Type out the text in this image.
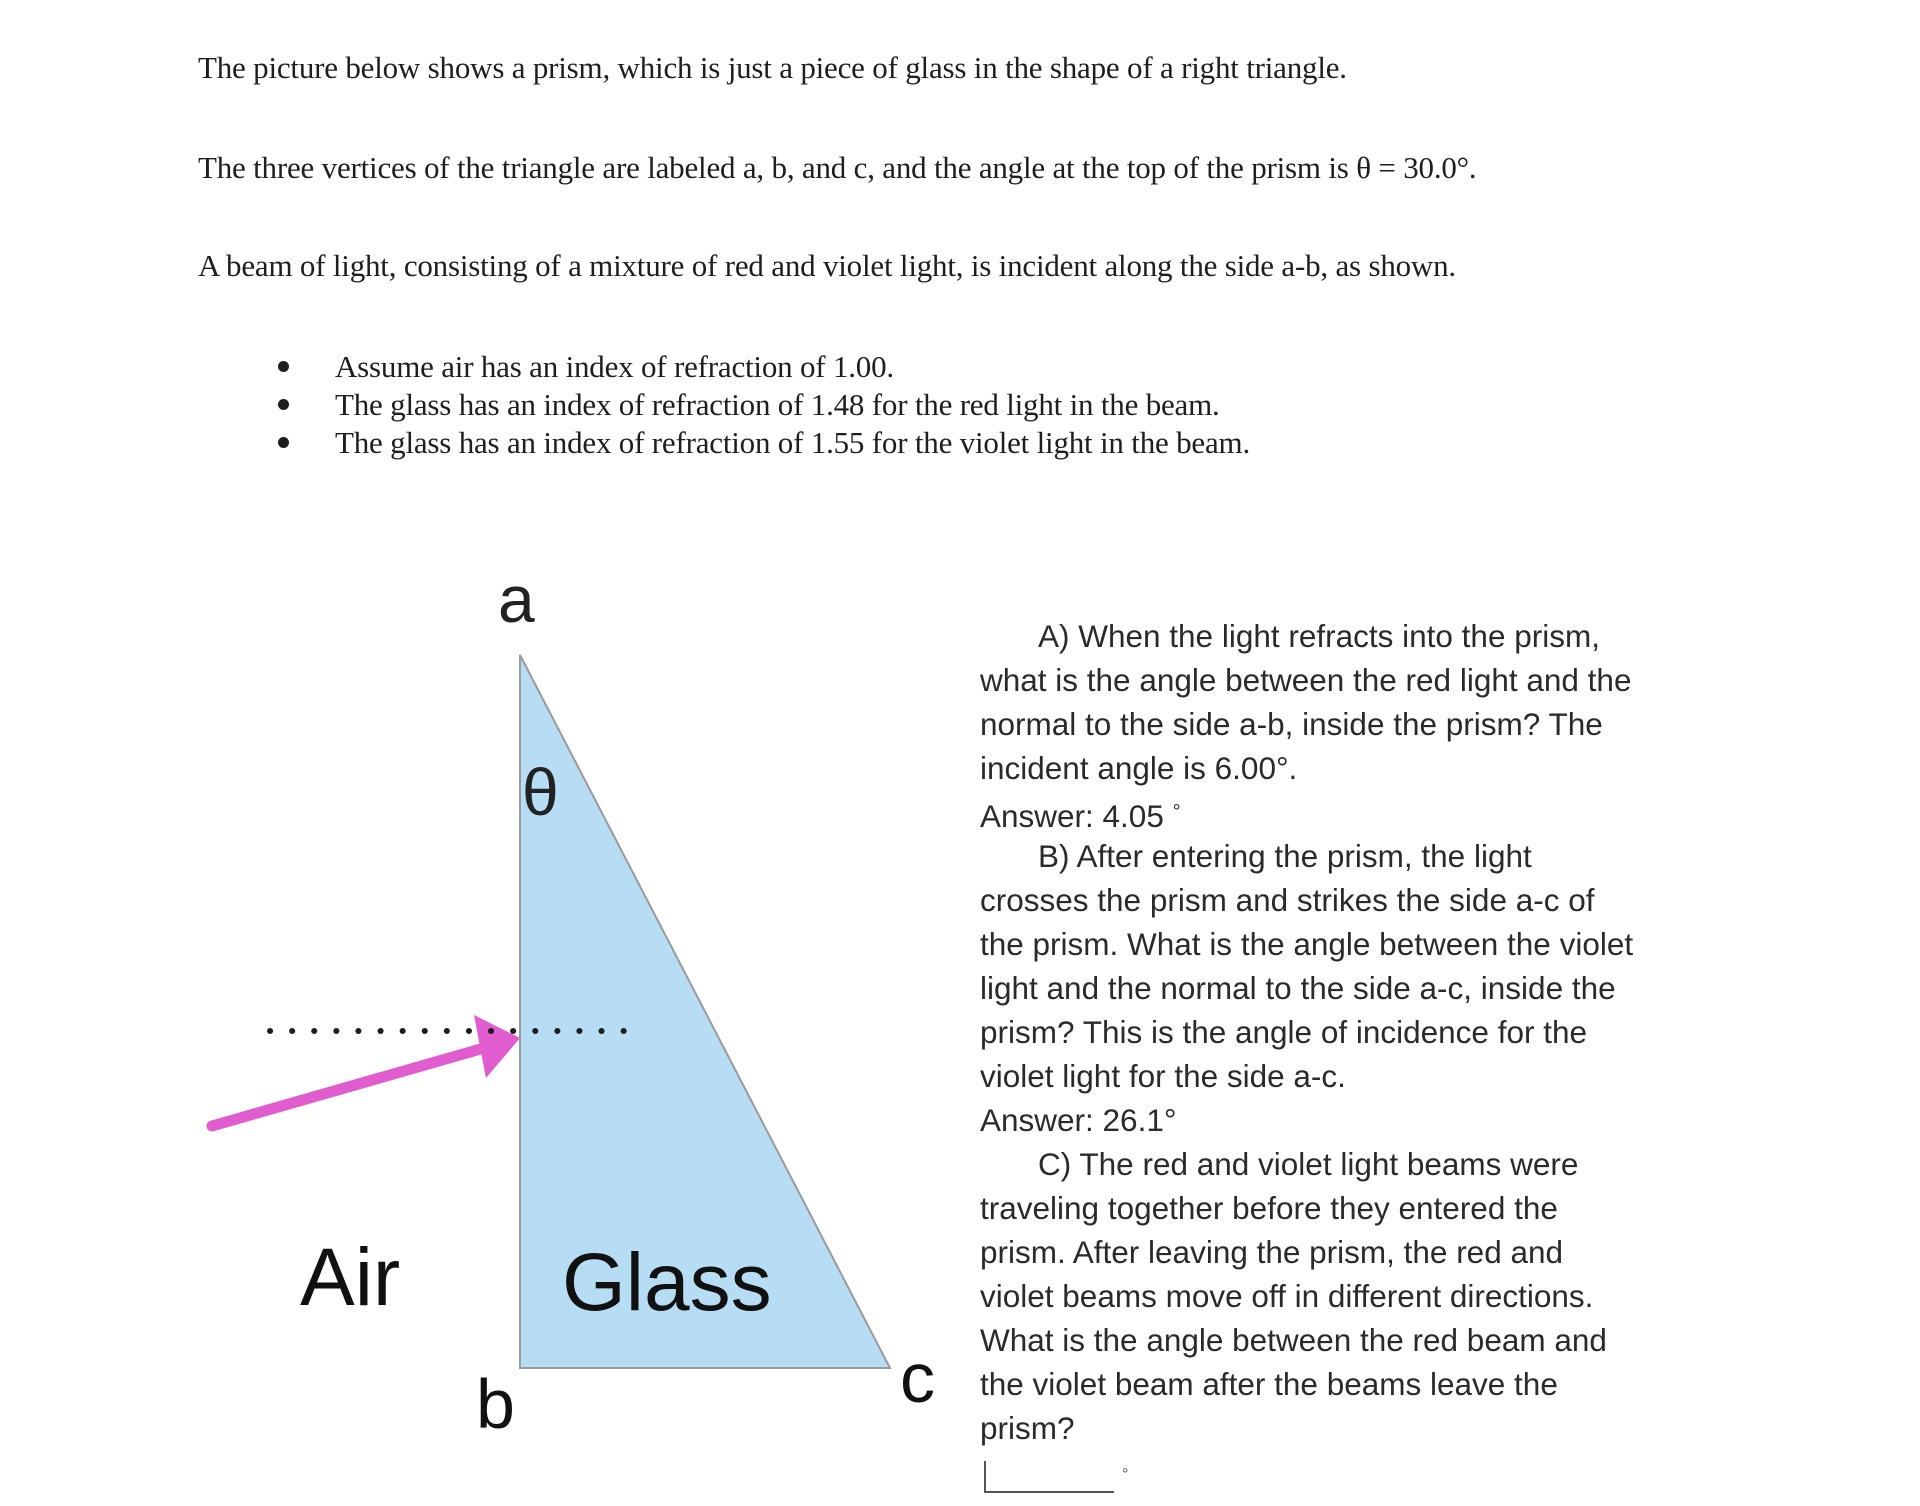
The picture below shows a prism, which is just a piece of glass in the shape of a right triangle.

The three vertices of the triangle are labeled a, b, and c, and the angle at the top of the prism is θ = 30.0°.

A beam of light, consisting of a mixture of red and violet light, is incident along the side a-b, as shown.

Assume air has an index of refraction of 1.00.
The glass has an index of refraction of 1.48 for the red light in the beam.
The glass has an index of refraction of 1.55 for the violet light in the beam.
a
θ
Air Glass
b	c
A) When the light refracts into the prism,
what is the angle between the red light and the
normal to the side a-b, inside the prism? The
incident angle is 6.00°.
Answer: 4.05 °
B) After entering the prism, the light
crosses the prism and strikes the side a-c of
the prism. What is the angle between the violet
light and the normal to the side a-c, inside the
prism? This is the angle of incidence for the
violet light for the side a-c.
Answer: 26.1°
C) The red and violet light beams were
traveling together before they entered the
prism. After leaving the prism, the red and
violet beams move off in different directions.
What is the angle between the red beam and
the violet beam after the beams leave the
prism?
°
